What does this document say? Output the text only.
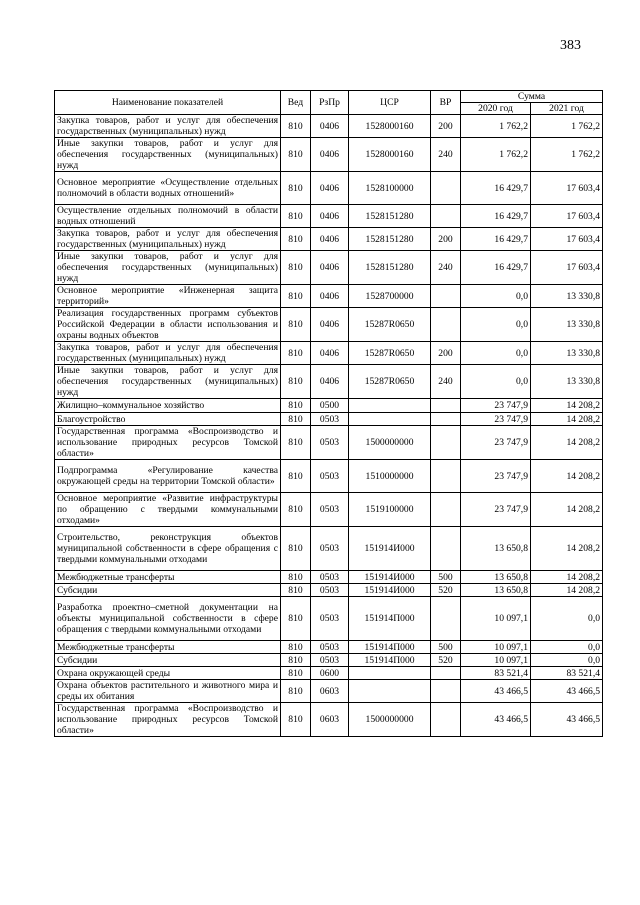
383
Наименование показателей	Вед	РзПр	ЦСР	ВР	Сумма	
					2020 год	2021 год
Закупка товаров, работ и услуг для обеспечения государственных (муниципальных) нужд	810	0406	1528000160	200	1 762,2	1 762,2
Иные закупки товаров, работ и услуг для обеспечения государственных (муниципальных) нужд	810	0406	1528000160	240	1 762,2	1 762,2
Основное мероприятие «Осуществление отдельных полномочий в области водных отношений»	810	0406	1528100000		16 429,7	17 603,4
Осуществление отдельных полномочий в области водных отношений	810	0406	1528151280		16 429,7	17 603,4
Закупка товаров, работ и услуг для обеспечения государственных (муниципальных) нужд	810	0406	1528151280	200	16 429,7	17 603,4
Иные закупки товаров, работ и услуг для обеспечения государственных (муниципальных) нужд	810	0406	1528151280	240	16 429,7	17 603,4
Основное мероприятие «Инженерная защита территорий»	810	0406	1528700000		0,0	13 330,8
Реализация государственных программ субъектов Российской Федерации в области использования и охраны водных объектов	810	0406	15287R0650		0,0	13 330,8
Закупка товаров, работ и услуг для обеспечения государственных (муниципальных) нужд	810	0406	15287R0650	200	0,0	13 330,8
Иные закупки товаров, работ и услуг для обеспечения государственных (муниципальных) нужд	810	0406	15287R0650	240	0,0	13 330,8
Жилищно–коммунальное хозяйство	810	0500			23 747,9	14 208,2
Благоустройство	810	0503			23 747,9	14 208,2
Государственная программа «Воспроизводство и использование природных ресурсов Томской области»	810	0503	1500000000		23 747,9	14 208,2
Подпрограмма «Регулирование качества окружающей среды на территории Томской области»	810	0503	1510000000		23 747,9	14 208,2
Основное мероприятие «Развитие инфраструктуры по обращению с твердыми коммунальными отходами»	810	0503	1519100000		23 747,9	14 208,2
Строительство, реконструкция объектов муниципальной собственности в сфере обращения с твердыми коммунальными отходами	810	0503	151914И000		13 650,8	14 208,2
Межбюджетные трансферты	810	0503	151914И000	500	13 650,8	14 208,2
Субсидии	810	0503	151914И000	520	13 650,8	14 208,2
Разработка проектно–сметной документации на объекты муниципальной собственности в сфере обращения с твердыми коммунальными отходами	810	0503	151914П000		10 097,1	0,0
Межбюджетные трансферты	810	0503	151914П000	500	10 097,1	0,0
Субсидии	810	0503	151914П000	520	10 097,1	0,0
Охрана окружающей среды	810	0600			83 521,4	83 521,4
Охрана объектов растительного и животного мира и среды их обитания	810	0603			43 466,5	43 466,5
Государственная программа «Воспроизводство и использование природных ресурсов Томской области»	810	0603	1500000000		43 466,5	43 466,5
